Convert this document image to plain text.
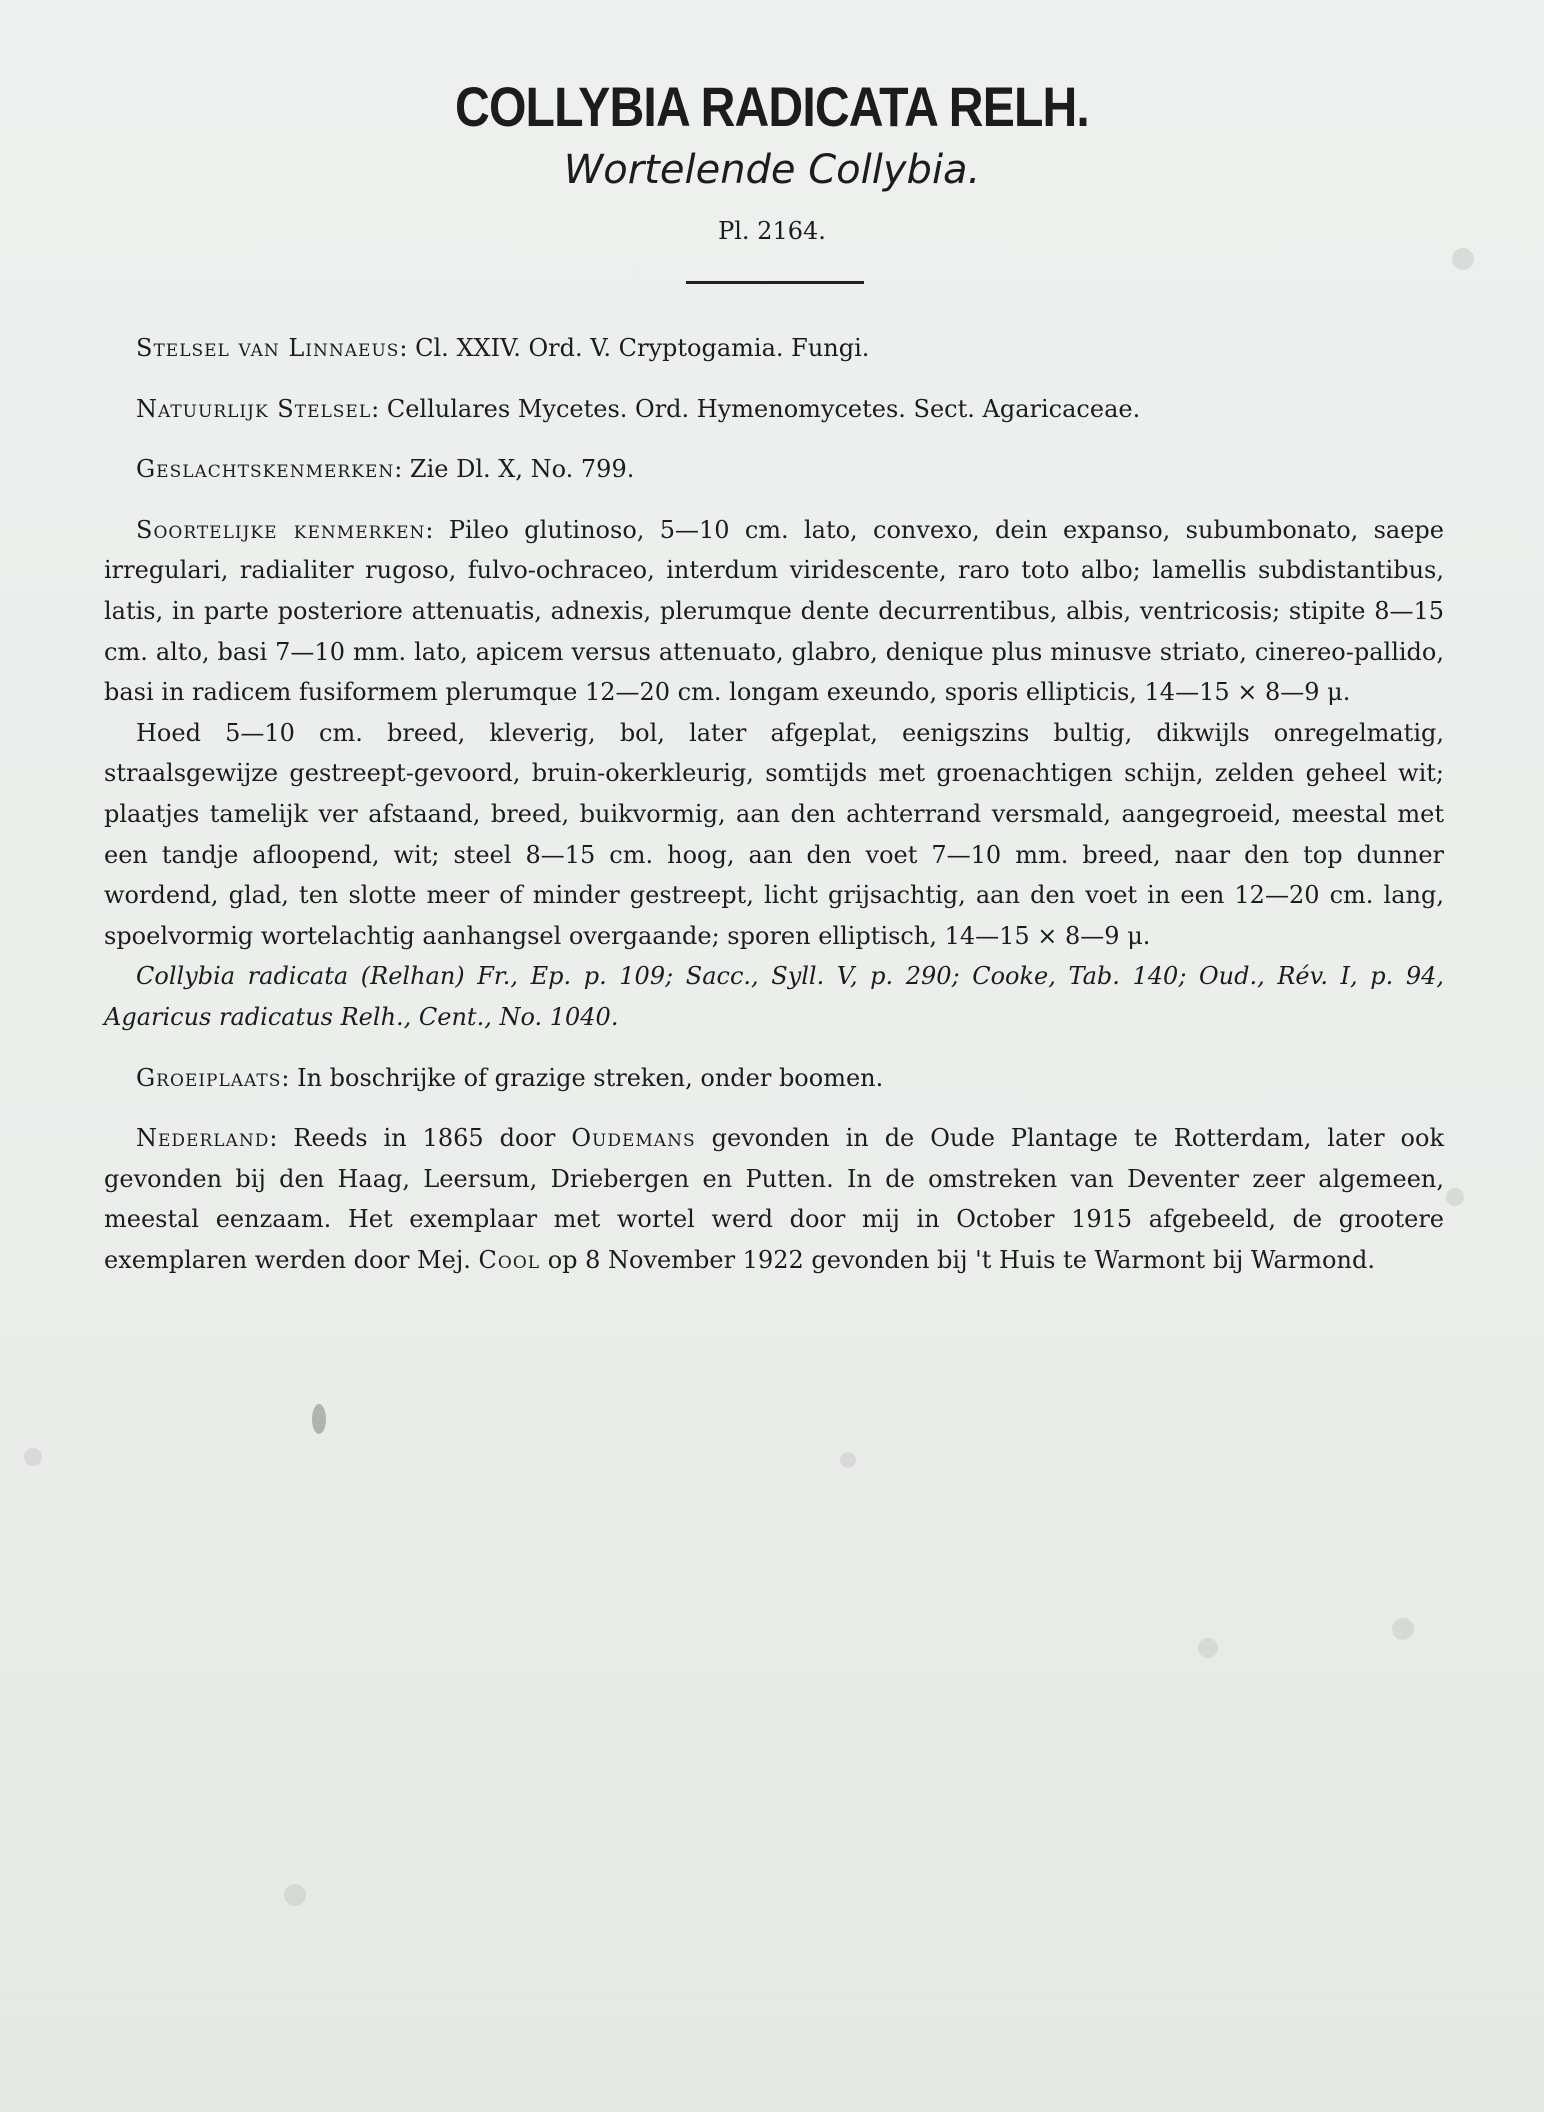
COLLYBIA RADICATA RELH.
Wortelende Collybia.
Pl. 2164.

Stelsel van Linnaeus: Cl. XXIV. Ord. V. Cryptogamia. Fungi.

Natuurlijk Stelsel: Cellulares Mycetes. Ord. Hymenomycetes. Sect. Agaricaceae.

Geslachtskenmerken: Zie Dl. X, No. 799.

Soortelijke kenmerken: Pileo glutinoso, 5—10 cm. lato, convexo, dein expanso, subumbonato, saepe irregulari, radialiter rugoso, fulvo-ochraceo, interdum viridescente, raro toto albo; lamellis subdistantibus, latis, in parte posteriore attenuatis, adnexis, plerumque dente decurrentibus, albis, ventricosis; stipite 8—15 cm. alto, basi 7—10 mm. lato, apicem versus attenuato, glabro, denique plus minusve striato, cinereo-pallido, basi in radicem fusiformem plerumque 12—20 cm. longam exeundo, sporis ellipticis, 14—15 × 8—9 μ.

Hoed 5—10 cm. breed, kleverig, bol, later afgeplat, eenigszins bultig, dikwijls onregelmatig, straalsgewijze gestreept-gevoord, bruin-okerkleurig, somtijds met groenachtigen schijn, zelden geheel wit; plaatjes tamelijk ver afstaand, breed, buikvormig, aan den achterrand versmald, aangegroeid, meestal met een tandje afloopend, wit; steel 8—15 cm. hoog, aan den voet 7—10 mm. breed, naar den top dunner wordend, glad, ten slotte meer of minder gestreept, licht grijsachtig, aan den voet in een 12—20 cm. lang, spoelvormig wortelachtig aanhangsel overgaande; sporen elliptisch, 14—15 × 8—9 μ.

Collybia radicata (Relhan) Fr., Ep. p. 109; Sacc., Syll. V, p. 290; Cooke, Tab. 140; Oud., Rév. I, p. 94, Agaricus radicatus Relh., Cent., No. 1040.

Groeiplaats: In boschrijke of grazige streken, onder boomen.

Nederland: Reeds in 1865 door Oudemans gevonden in de Oude Plantage te Rotterdam, later ook gevonden bij den Haag, Leersum, Driebergen en Putten. In de omstreken van Deventer zeer algemeen, meestal eenzaam. Het exemplaar met wortel werd door mij in October 1915 afgebeeld, de grootere exemplaren werden door Mej. Cool op 8 November 1922 gevonden bij 't Huis te Warmont bij Warmond.
